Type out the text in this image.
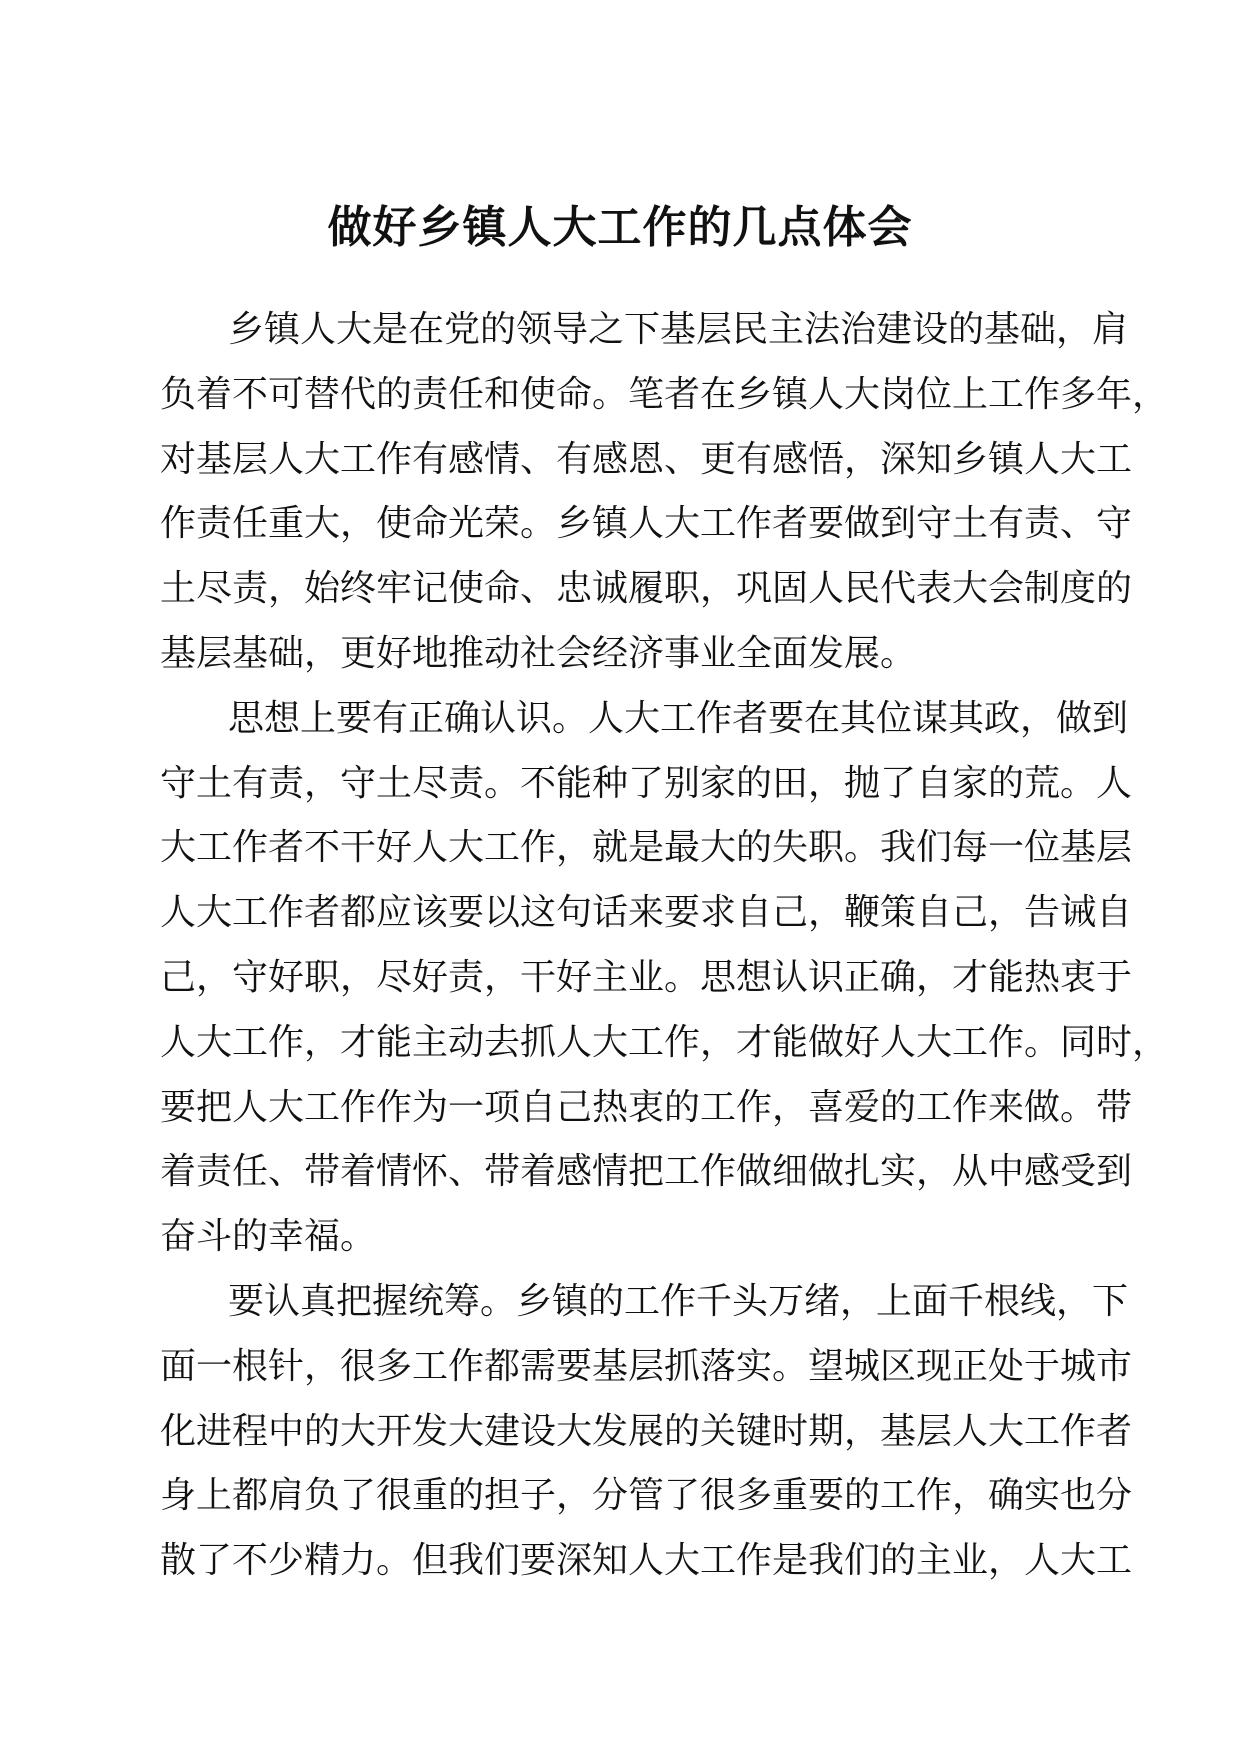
做好乡镇人大工作的几点体会
乡镇人大是在党的领导之下基层民主法治建设的基础，肩
负着不可替代的责任和使命。笔者在乡镇人大岗位上工作多年，
对基层人大工作有感情、有感恩、更有感悟，深知乡镇人大工
作责任重大，使命光荣。乡镇人大工作者要做到守土有责、守
土尽责，始终牢记使命、忠诚履职，巩固人民代表大会制度的
基层基础，更好地推动社会经济事业全面发展。
思想上要有正确认识。人大工作者要在其位谋其政，做到
守土有责，守土尽责。不能种了别家的田，抛了自家的荒。人
大工作者不干好人大工作，就是最大的失职。我们每一位基层
人大工作者都应该要以这句话来要求自己，鞭策自己，告诫自
己，守好职，尽好责，干好主业。思想认识正确，才能热衷于
人大工作，才能主动去抓人大工作，才能做好人大工作。同时，
要把人大工作作为一项自己热衷的工作，喜爱的工作来做。带
着责任、带着情怀、带着感情把工作做细做扎实，从中感受到
奋斗的幸福。
要认真把握统筹。乡镇的工作千头万绪，上面千根线，下
面一根针，很多工作都需要基层抓落实。望城区现正处于城市
化进程中的大开发大建设大发展的关键时期，基层人大工作者
身上都肩负了很重的担子，分管了很多重要的工作，确实也分
散了不少精力。但我们要深知人大工作是我们的主业，人大工
